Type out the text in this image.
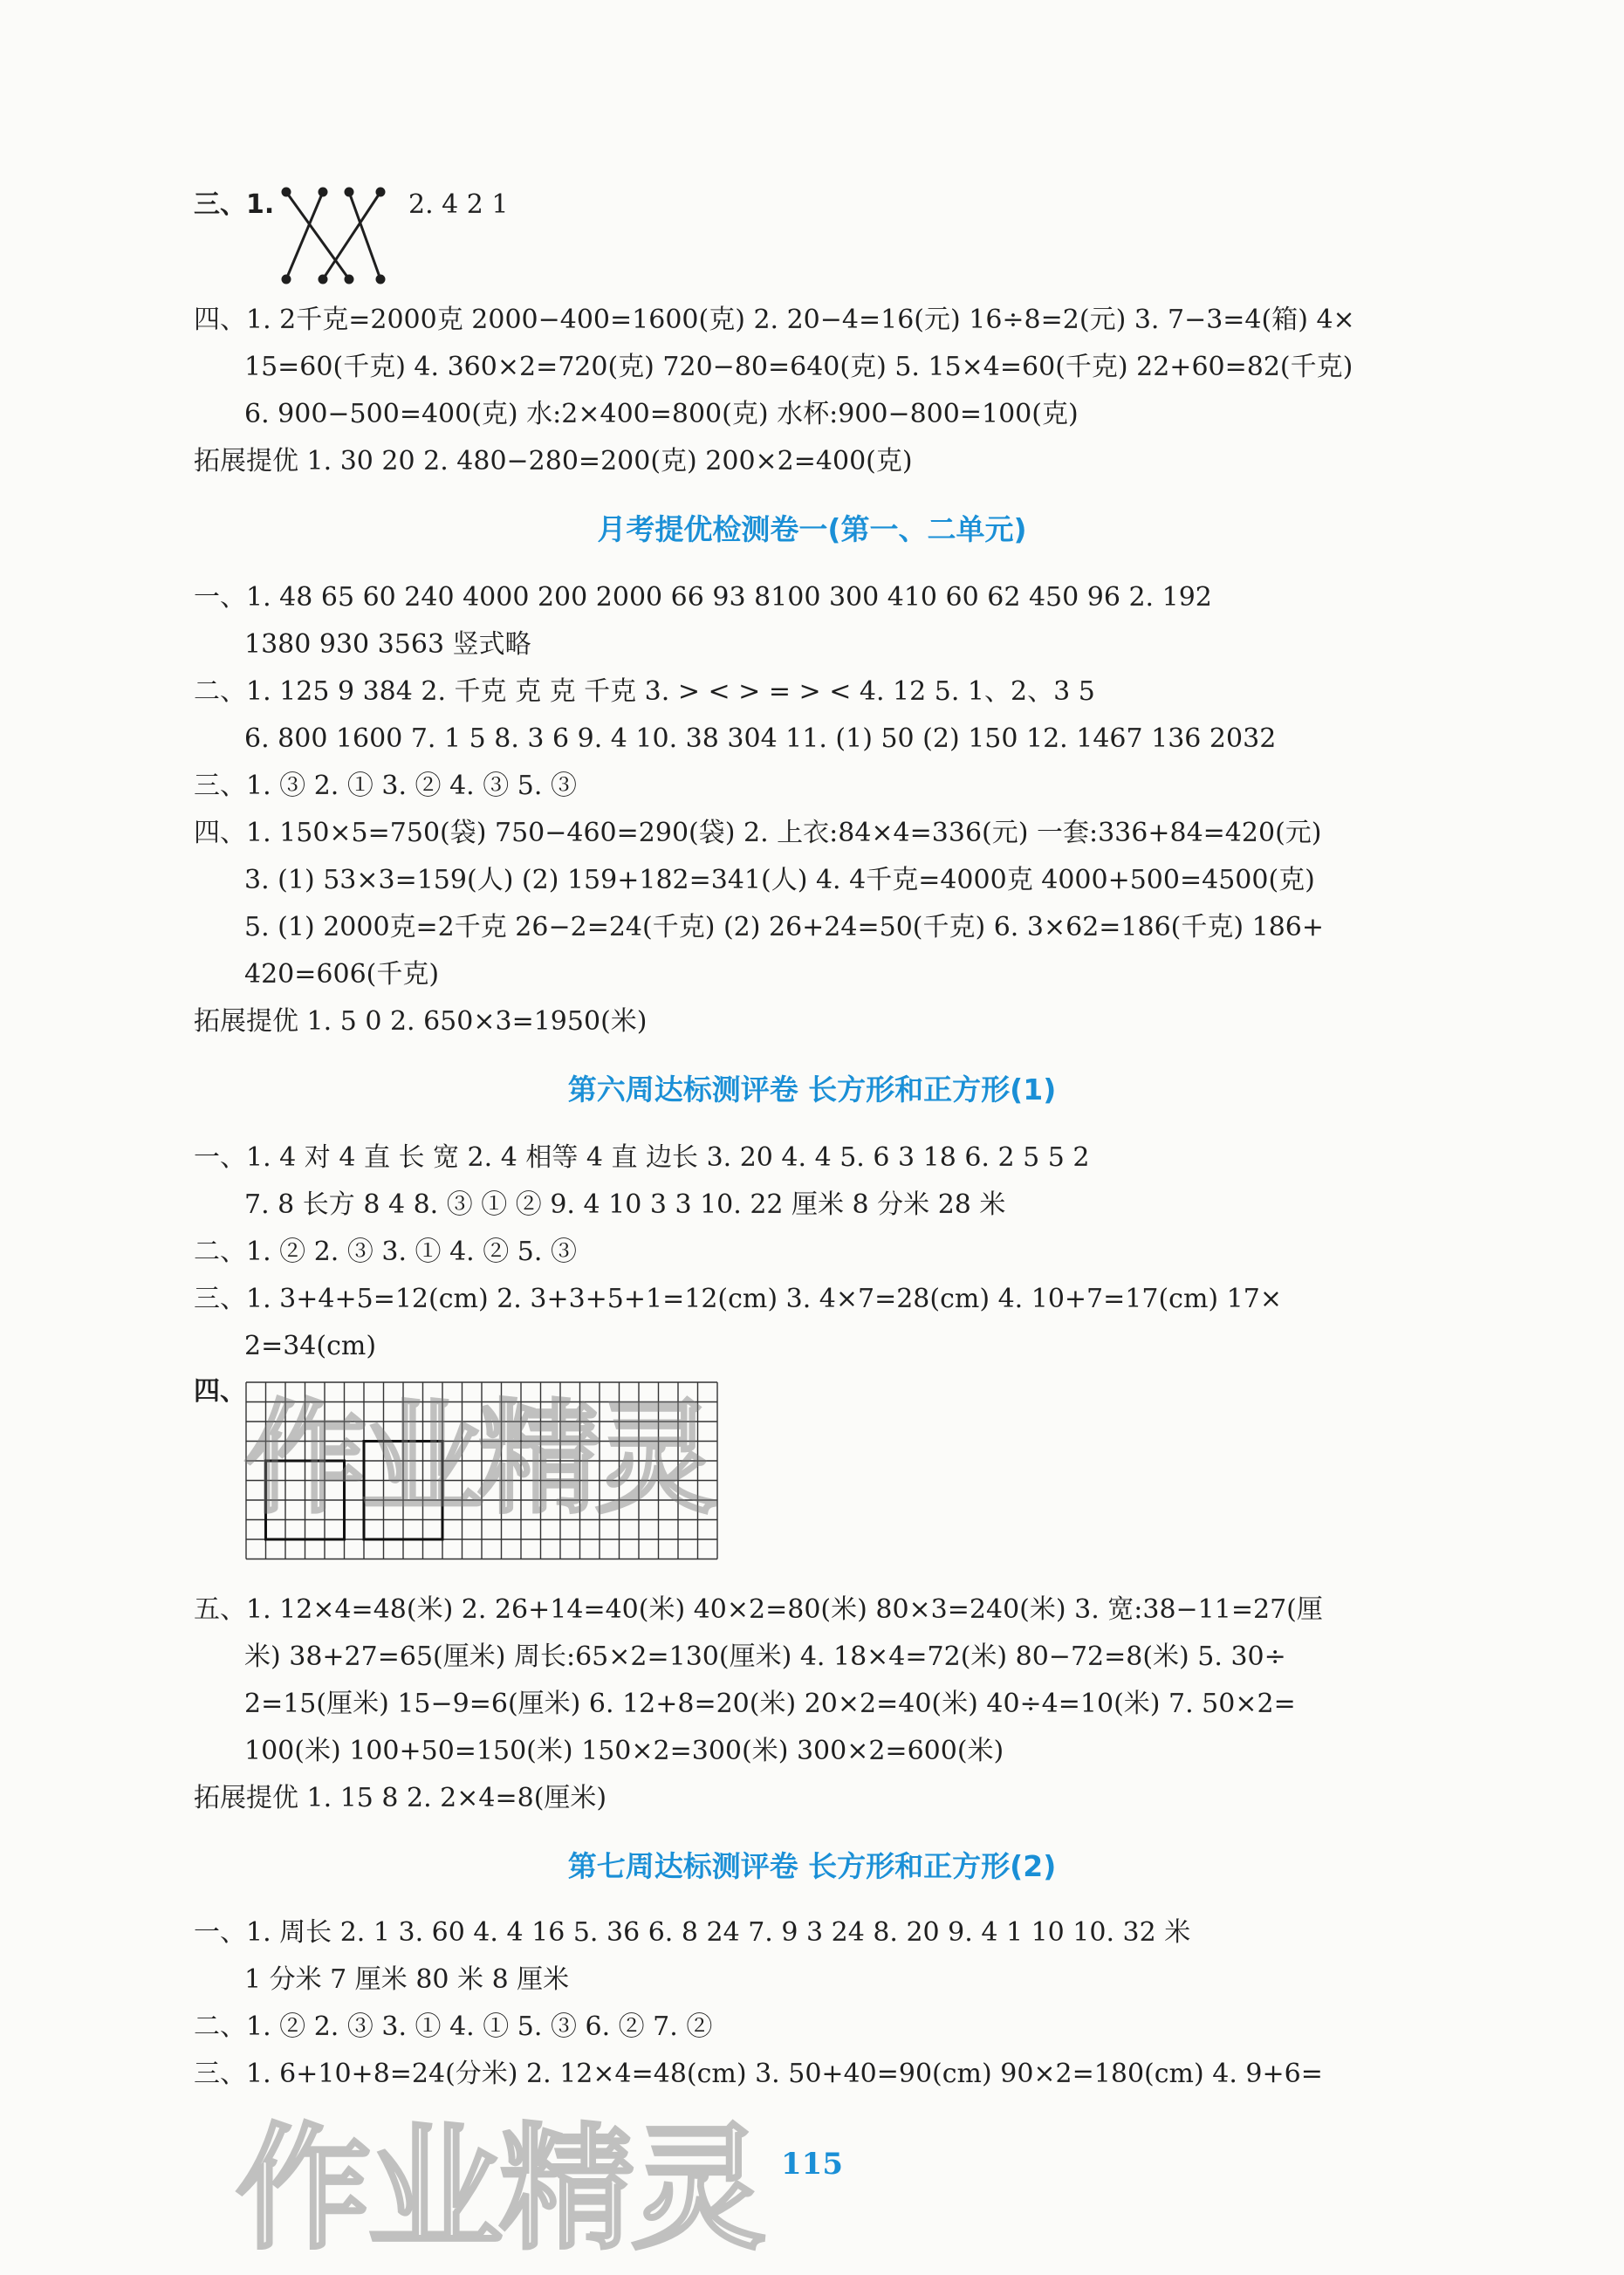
三、1.	2. 4 2 1
四、1. 2千克=2000克 2000−400=1600(克) 2. 20−4=16(元) 16÷8=2(元) 3. 7−3=4(箱) 4×
15=60(千克) 4. 360×2=720(克) 720−80=640(克) 5. 15×4=60(千克) 22+60=82(千克)
6. 900−500=400(克) 水:2×400=800(克) 水杯:900−800=100(克)
拓展提优 1. 30 20 2. 480−280=200(克) 200×2=400(克)
月考提优检测卷一(第一、二单元)
一、1. 48 65 60 240 4000 200 2000 66 93 8100 300 410 60 62 450 96 2. 192
1380 930 3563 竖式略
二、1. 125 9 384 2. 千克 克 克 千克 3. > < > = > < 4. 12 5. 1、2、3 5
6. 800 1600 7. 1 5 8. 3 6 9. 4 10. 38 304 11. (1) 50 (2) 150 12. 1467 136 2032
三、1. ③ 2. ① 3. ② 4. ③ 5. ③
四、1. 150×5=750(袋) 750−460=290(袋) 2. 上衣:84×4=336(元) 一套:336+84=420(元)
3. (1) 53×3=159(人) (2) 159+182=341(人) 4. 4千克=4000克 4000+500=4500(克)
5. (1) 2000克=2千克 26−2=24(千克) (2) 26+24=50(千克) 6. 3×62=186(千克) 186+
420=606(千克)
拓展提优 1. 5 0 2. 650×3=1950(米)
第六周达标测评卷 长方形和正方形(1)
一、1. 4 对 4 直 长 宽 2. 4 相等 4 直 边长 3. 20 4. 4 5. 6 3 18 6. 2 5 5 2
7. 8 长方 8 4 8. ③ ① ② 9. 4 10 3 3 10. 22 厘米 8 分米 28 米
二、1. ② 2. ③ 3. ① 4. ② 5. ③
三、1. 3+4+5=12(cm) 2. 3+3+5+1=12(cm) 3. 4×7=28(cm) 4. 10+7=17(cm) 17×
2=34(cm)
四、
作业精灵
五、1. 12×4=48(米) 2. 26+14=40(米) 40×2=80(米) 80×3=240(米) 3. 宽:38−11=27(厘
米) 38+27=65(厘米) 周长:65×2=130(厘米) 4. 18×4=72(米) 80−72=8(米) 5. 30÷
2=15(厘米) 15−9=6(厘米) 6. 12+8=20(米) 20×2=40(米) 40÷4=10(米) 7. 50×2=
100(米) 100+50=150(米) 150×2=300(米) 300×2=600(米)
拓展提优 1. 15 8 2. 2×4=8(厘米)
第七周达标测评卷 长方形和正方形(2)
一、1. 周长 2. 1 3. 60 4. 4 16 5. 36 6. 8 24 7. 9 3 24 8. 20 9. 4 1 10 10. 32 米
1 分米 7 厘米 80 米 8 厘米
二、1. ② 2. ③ 3. ① 4. ① 5. ③ 6. ② 7. ②
三、1. 6+10+8=24(分米) 2. 12×4=48(cm) 3. 50+40=90(cm) 90×2=180(cm) 4. 9+6=
作业精灵 115
